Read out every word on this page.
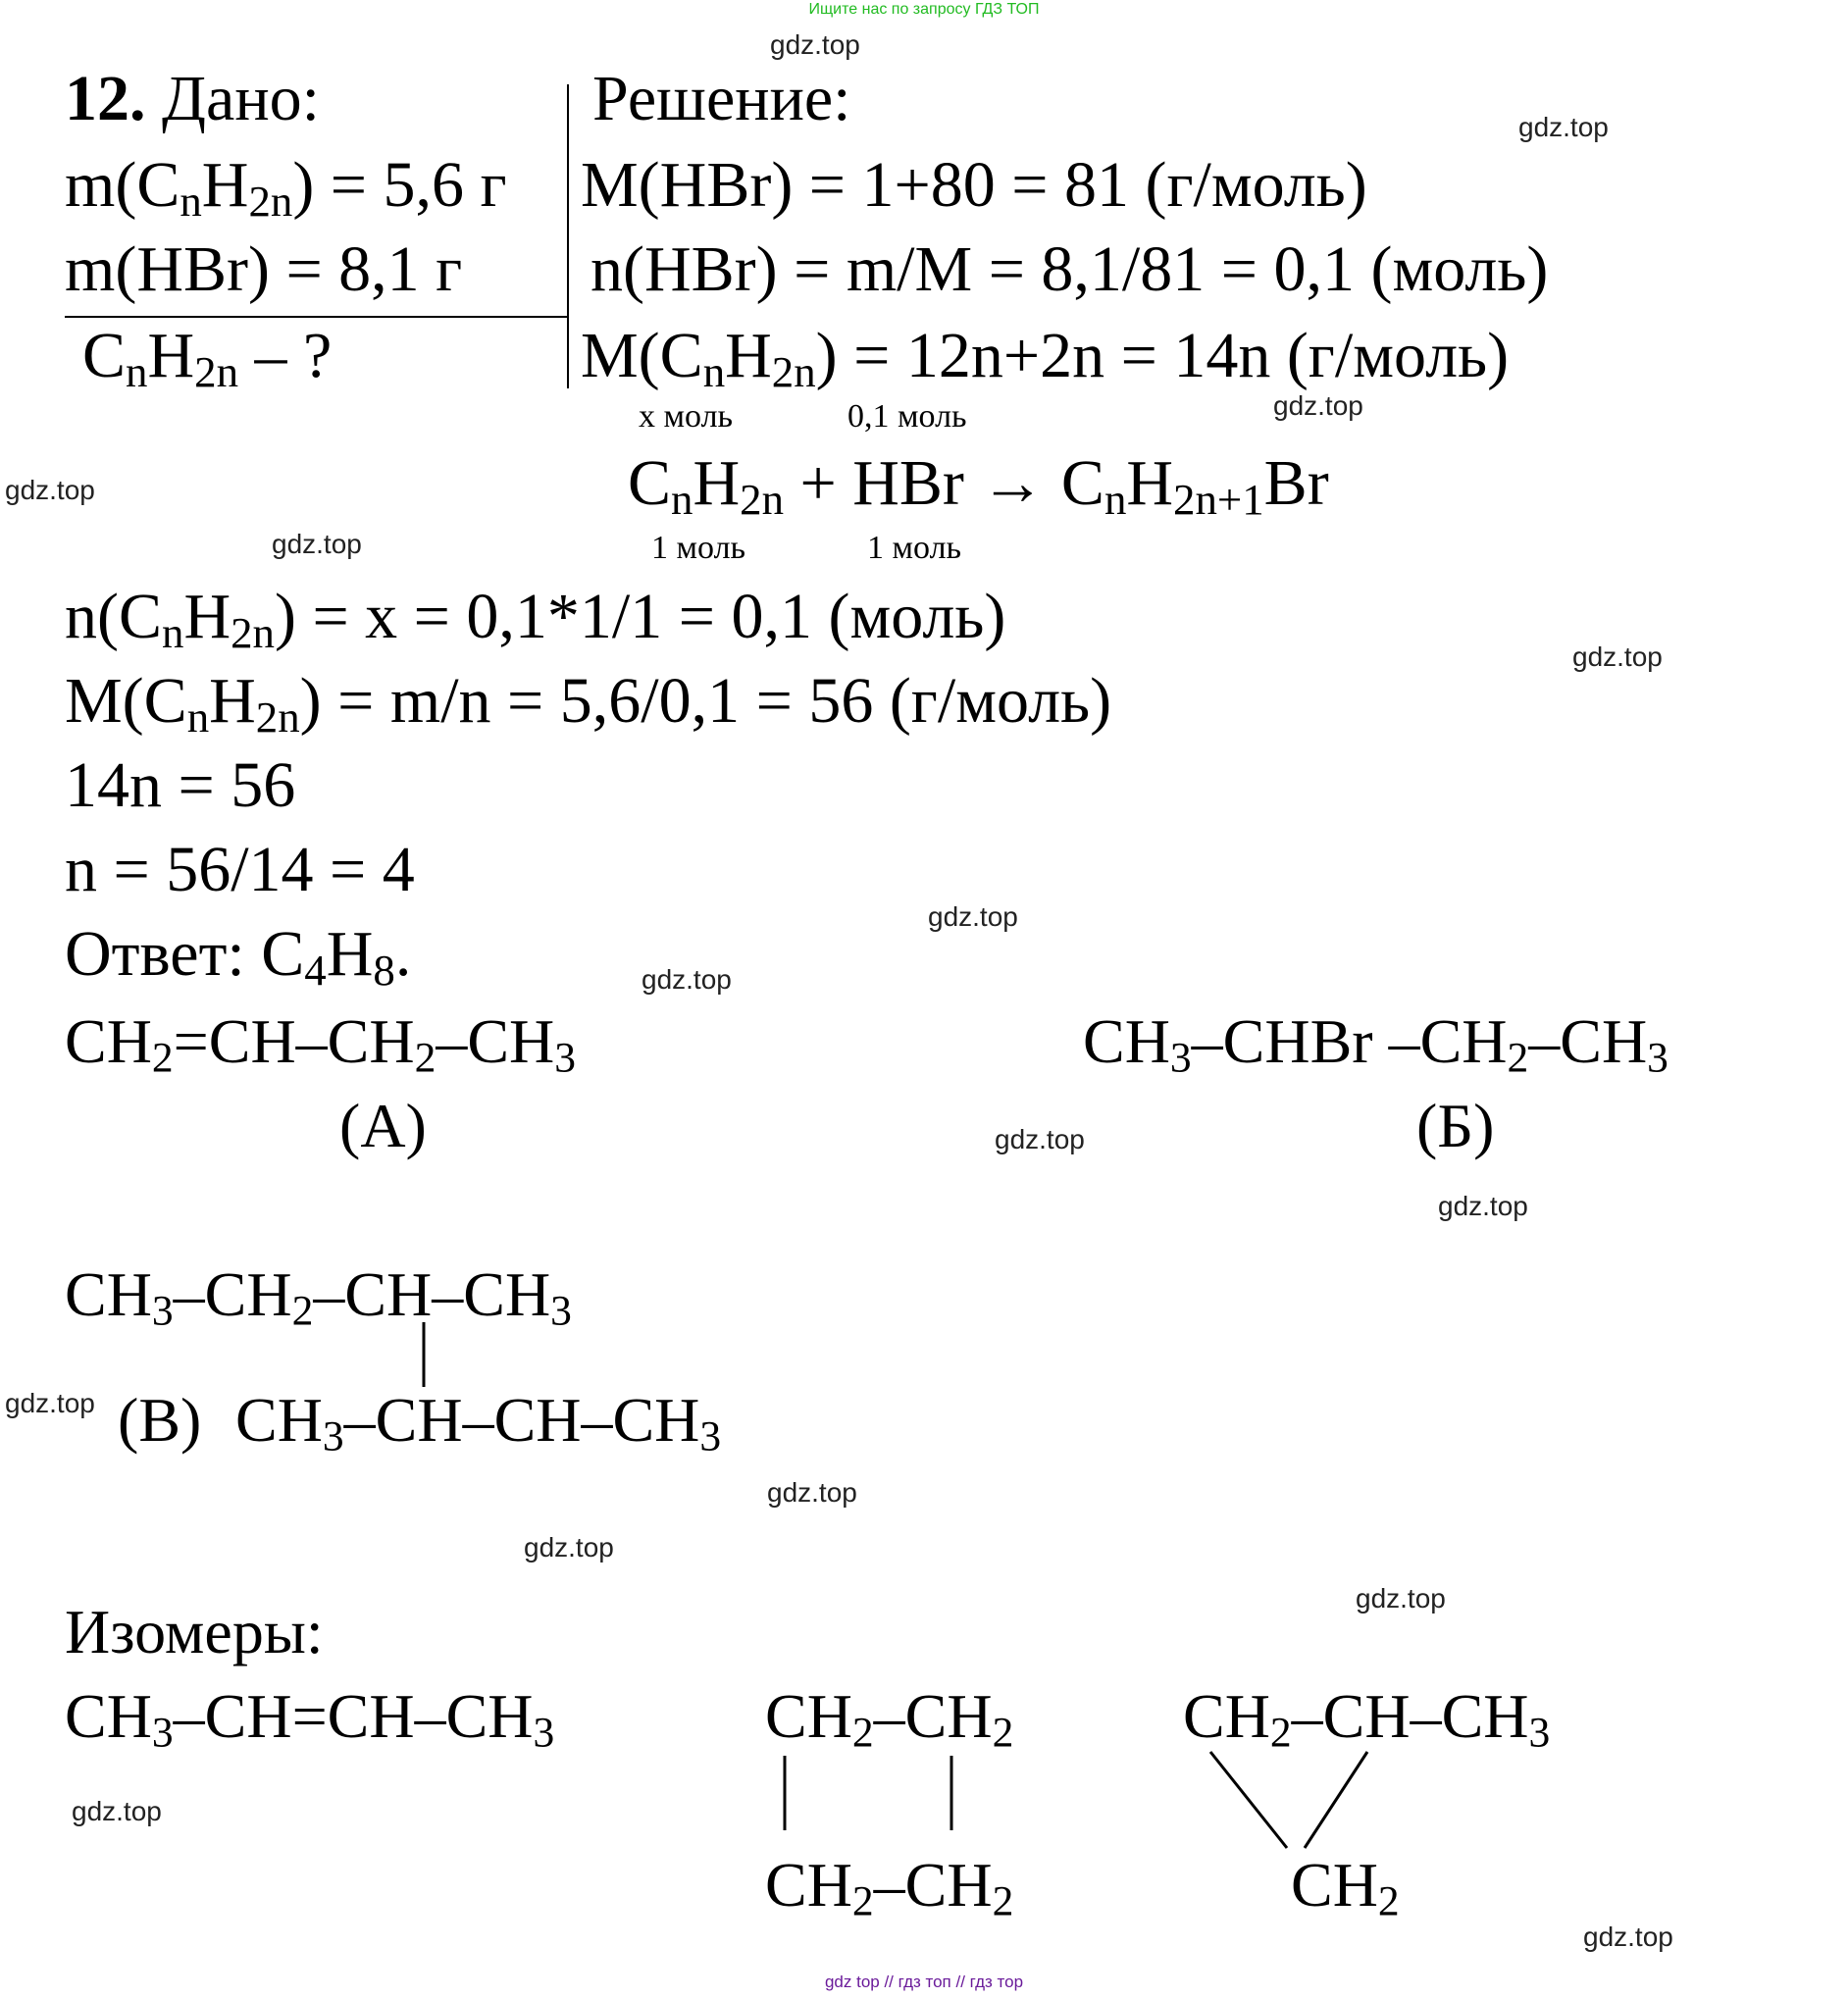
Ищите нас по запросу ГДЗ ТОП
gdz.top
gdz.top
gdz.top
gdz.top
gdz.top
gdz.top
gdz.top
gdz.top
gdz.top
gdz.top
gdz.top
gdz.top
gdz.top
gdz.top
gdz.top
gdz.top
12. Дано:
$m(C_nH_{2n}) = 5,6$ г
m(HBr) = 8,1 г
$C_nH_{2n}$ – ?
Решение:
M(HBr) = 1+80 = 81 (г/моль)
n(HBr) = m/M = 8,1/81 = 0,1 (моль)
$M(C_nH_{2n}) = 12n+2n = 14n$ (г/моль)
x моль	0,1 моль
$C_nH_{2n}$ + HBr → $C_nH_{2n+1}Br$
1 моль	1 моль
$n(C_nH_{2n}) = x = 0,1*1/1 = 0,1$ (моль)
$M(C_nH_{2n}) = m/n = 5,6/0,1 = 56$ (г/моль)
14n = 56
n = 56/14 = 4
Ответ: $C_4H_8$.
$CH_2=CH-CH_2-CH_3$
(А)
$CH_3$–CHBr $-CH_2-CH_3$
(Б)
$CH_3-CH_2-CH-CH_3$
(В) $CH_3-CH-CH-CH_3$
Изомеры:
$CH_3-CH=CH-CH_3$	$CH_2-CH_2$
$CH_2-CH_2$
$CH_2-CH-CH_3$
$CH_2$
gdz top // гдз топ // гдз тор
